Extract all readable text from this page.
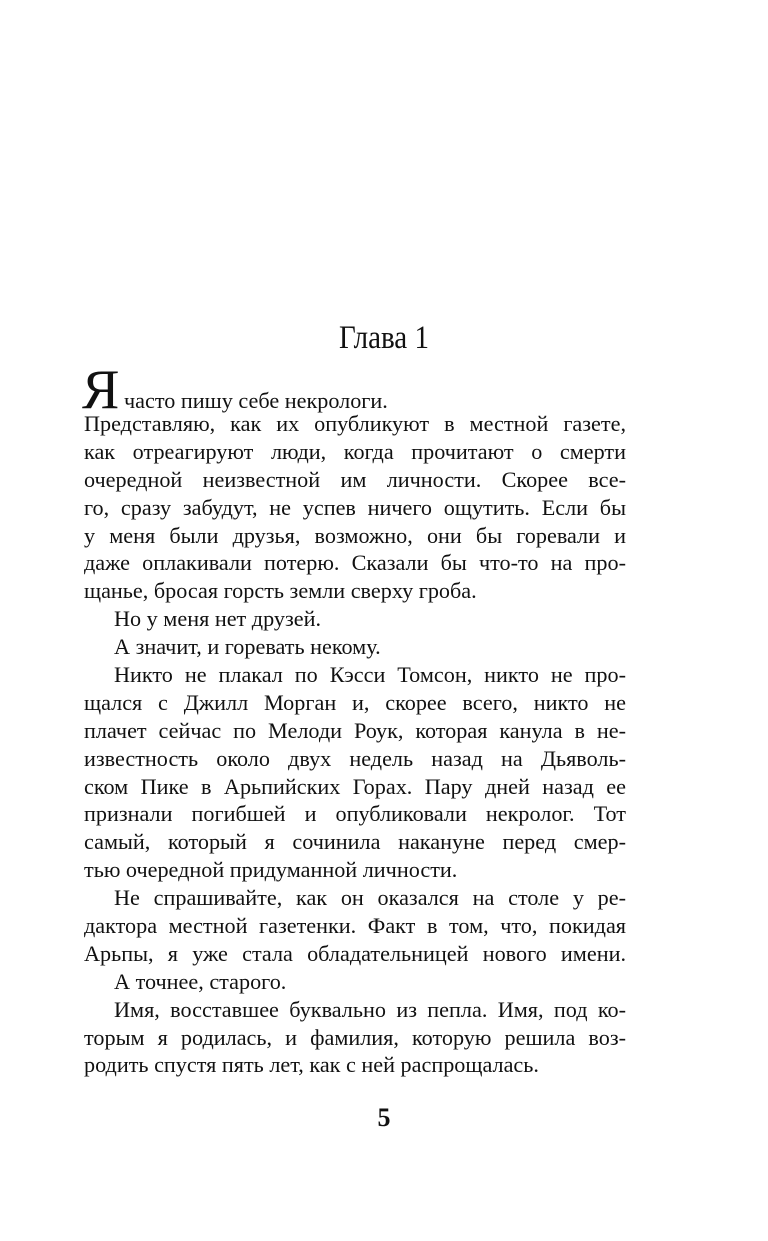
Глава 1
Я часто пишу себе некрологи.
Представляю, как их опубликуют в местной газете,
как отреагируют люди, когда прочитают о смерти
очередной неизвестной им личности. Скорее все-
го, сразу забудут, не успев ничего ощутить. Если бы
у меня были друзья, возможно, они бы горевали и
даже оплакивали потерю. Сказали бы что-то на про-
щанье, бросая горсть земли сверху гроба.
Но у меня нет друзей.
А значит, и горевать некому.
Никто не плакал по Кэсси Томсон, никто не про-
щался с Джилл Морган и, скорее всего, никто не
плачет сейчас по Мелоди Роук, которая канула в не-
известность около двух недель назад на Дьяволь-
ском Пике в Арьпийских Горах. Пару дней назад ее
признали погибшей и опубликовали некролог. Тот
самый, который я сочинила накануне перед смер-
тью очередной придуманной личности.
Не спрашивайте, как он оказался на столе у ре-
дактора местной газетенки. Факт в том, что, покидая
Арьпы, я уже стала обладательницей нового имени.
А точнее, старого.
Имя, восставшее буквально из пепла. Имя, под ко-
торым я родилась, и фамилия, которую решила воз-
родить спустя пять лет, как с ней распрощалась.
5
